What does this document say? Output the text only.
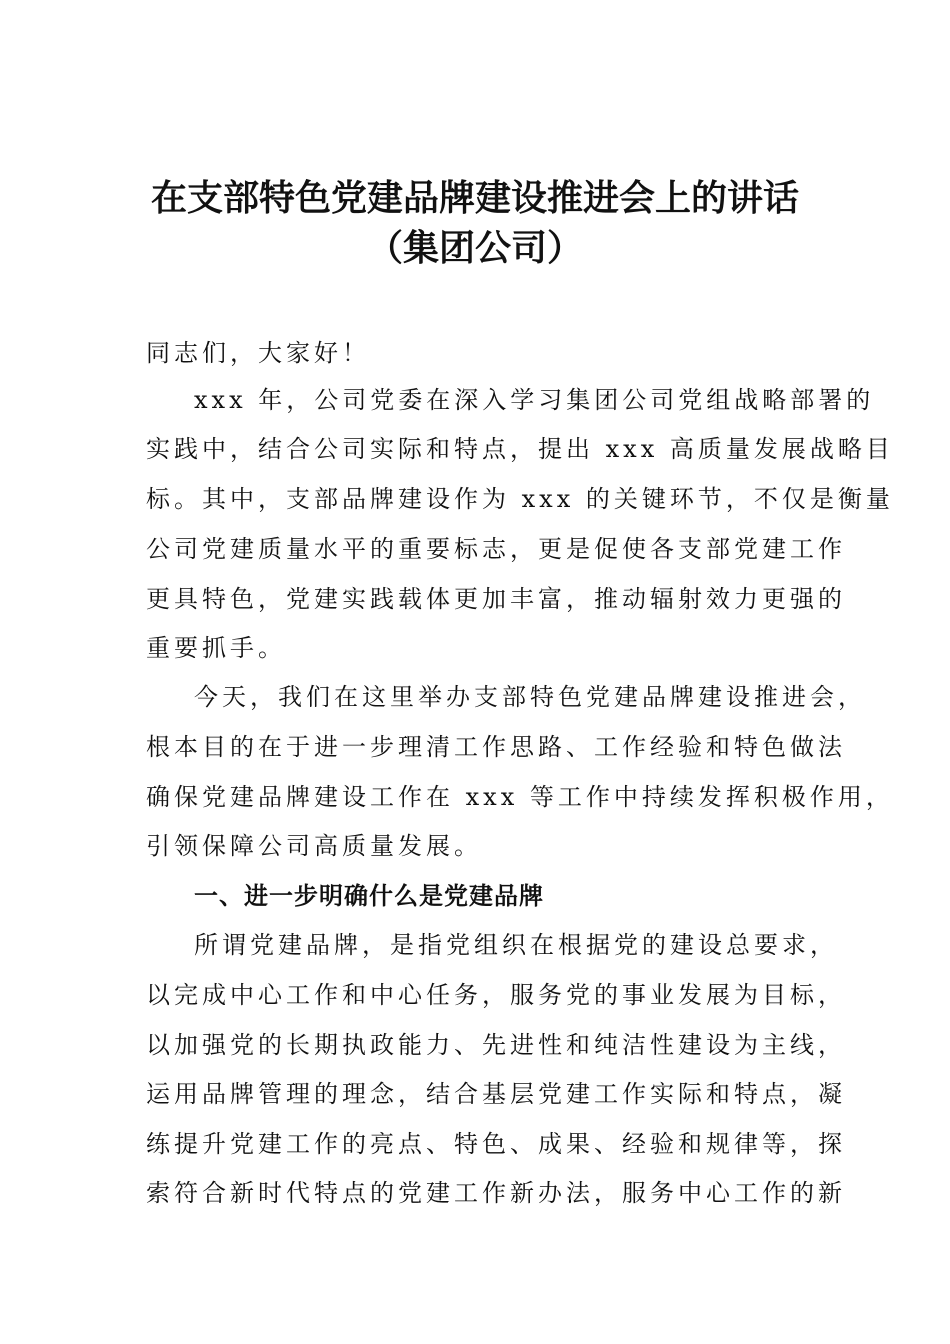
在支部特色党建品牌建设推进会上的讲话
（集团公司）

同志们，大家好！

xxx 年，公司党委在深入学习集团公司党组战略部署的

实践中，结合公司实际和特点，提出 xxx 高质量发展战略目

标。其中，支部品牌建设作为 xxx 的关键环节，不仅是衡量

公司党建质量水平的重要标志，更是促使各支部党建工作

更具特色，党建实践载体更加丰富，推动辐射效力更强的

重要抓手。

今天，我们在这里举办支部特色党建品牌建设推进会，

根本目的在于进一步理清工作思路、工作经验和特色做法

确保党建品牌建设工作在 xxx 等工作中持续发挥积极作用，

引领保障公司高质量发展。

一、进一步明确什么是党建品牌

所谓党建品牌，是指党组织在根据党的建设总要求，

以完成中心工作和中心任务，服务党的事业发展为目标，

以加强党的长期执政能力、先进性和纯洁性建设为主线，

运用品牌管理的理念，结合基层党建工作实际和特点，凝

练提升党建工作的亮点、特色、成果、经验和规律等，探

索符合新时代特点的党建工作新办法，服务中心工作的新
